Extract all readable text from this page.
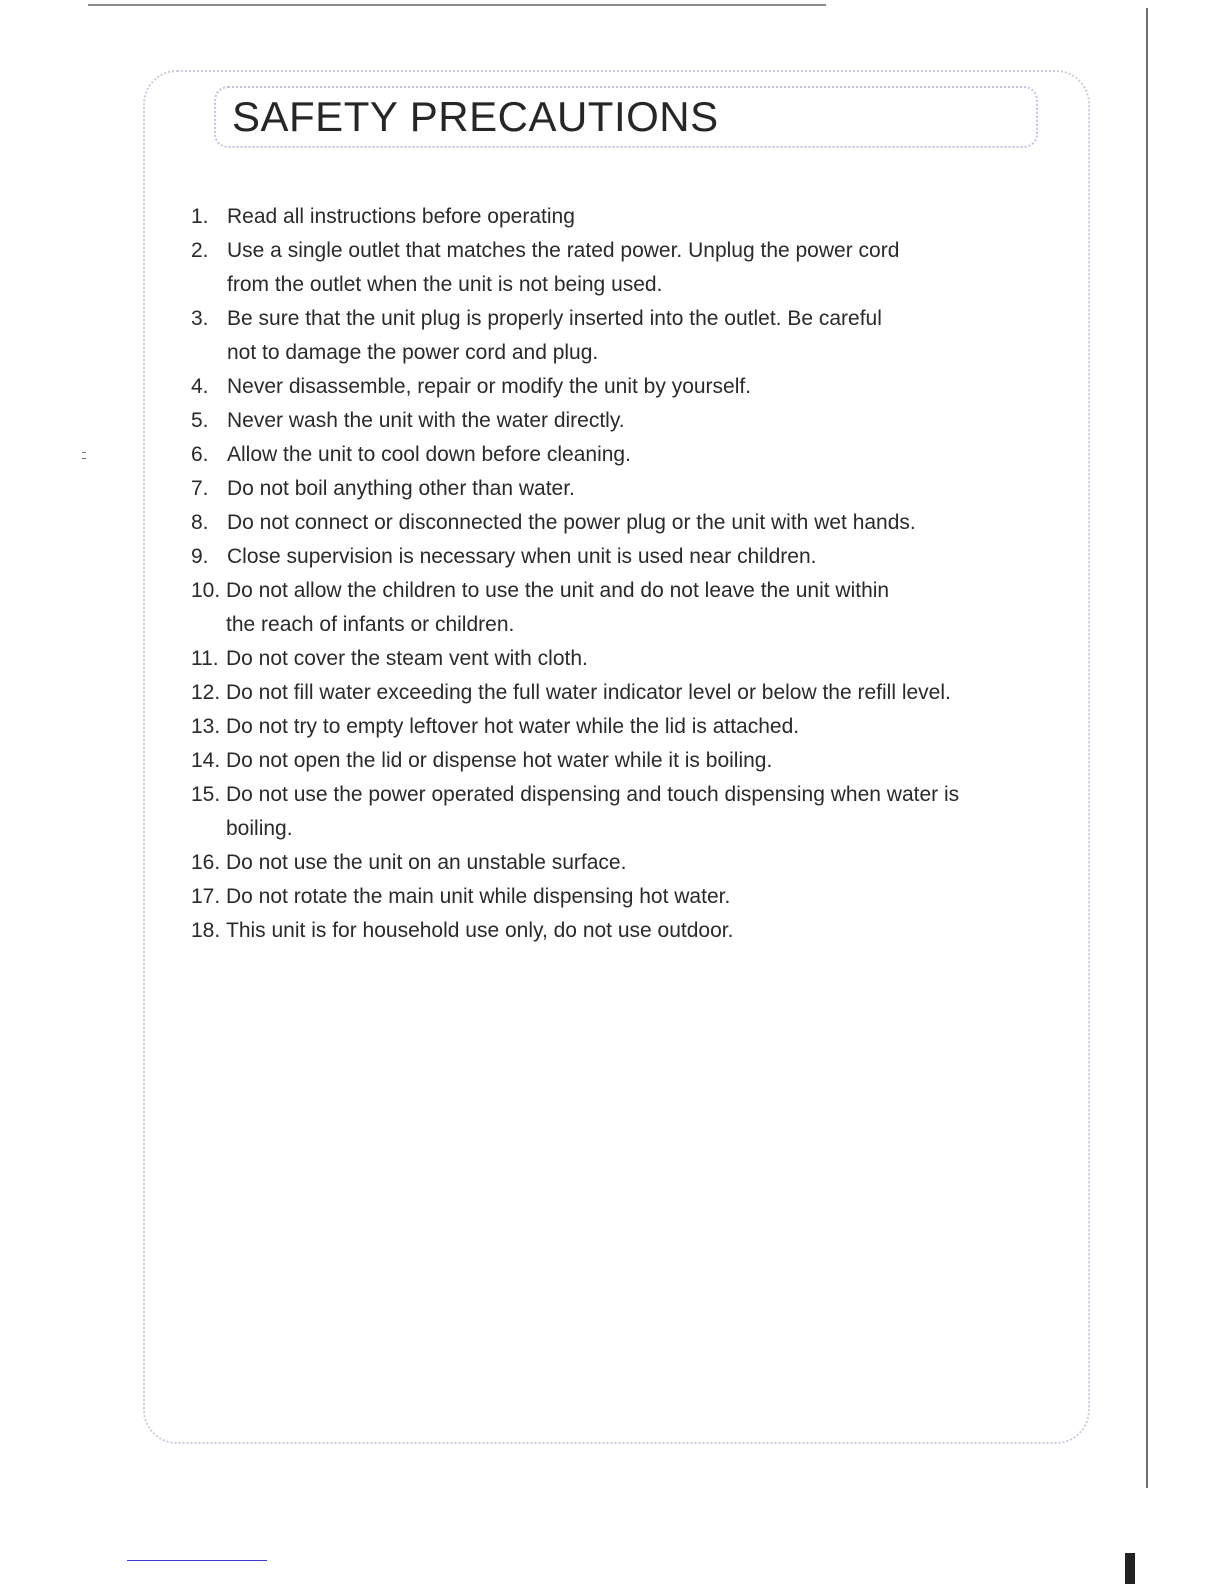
SAFETY PRECAUTIONS
1. Read all instructions before operating
2. Use a single outlet that matches the rated power. Unplug the power cord
from the outlet when the unit is not being used.
3. Be sure that the unit plug is properly inserted into the outlet. Be careful
not to damage the power cord and plug.
4. Never disassemble, repair or modify the unit by yourself.
5. Never wash the unit with the water directly.
6. Allow the unit to cool down before cleaning.
7. Do not boil anything other than water.
8. Do not connect or disconnected the power plug or the unit with wet hands.
9. Close supervision is necessary when unit is used near children.
10. Do not allow the children to use the unit and do not leave the unit within
the reach of infants or children.
11. Do not cover the steam vent with cloth.
12. Do not fill water exceeding the full water indicator level or below the refill level.
13. Do not try to empty leftover hot water while the lid is attached.
14. Do not open the lid or dispense hot water while it is boiling.
15. Do not use the power operated dispensing and touch dispensing when water is
boiling.
16. Do not use the unit on an unstable surface.
17. Do not rotate the main unit while dispensing hot water.
18. This unit is for household use only, do not use outdoor.
